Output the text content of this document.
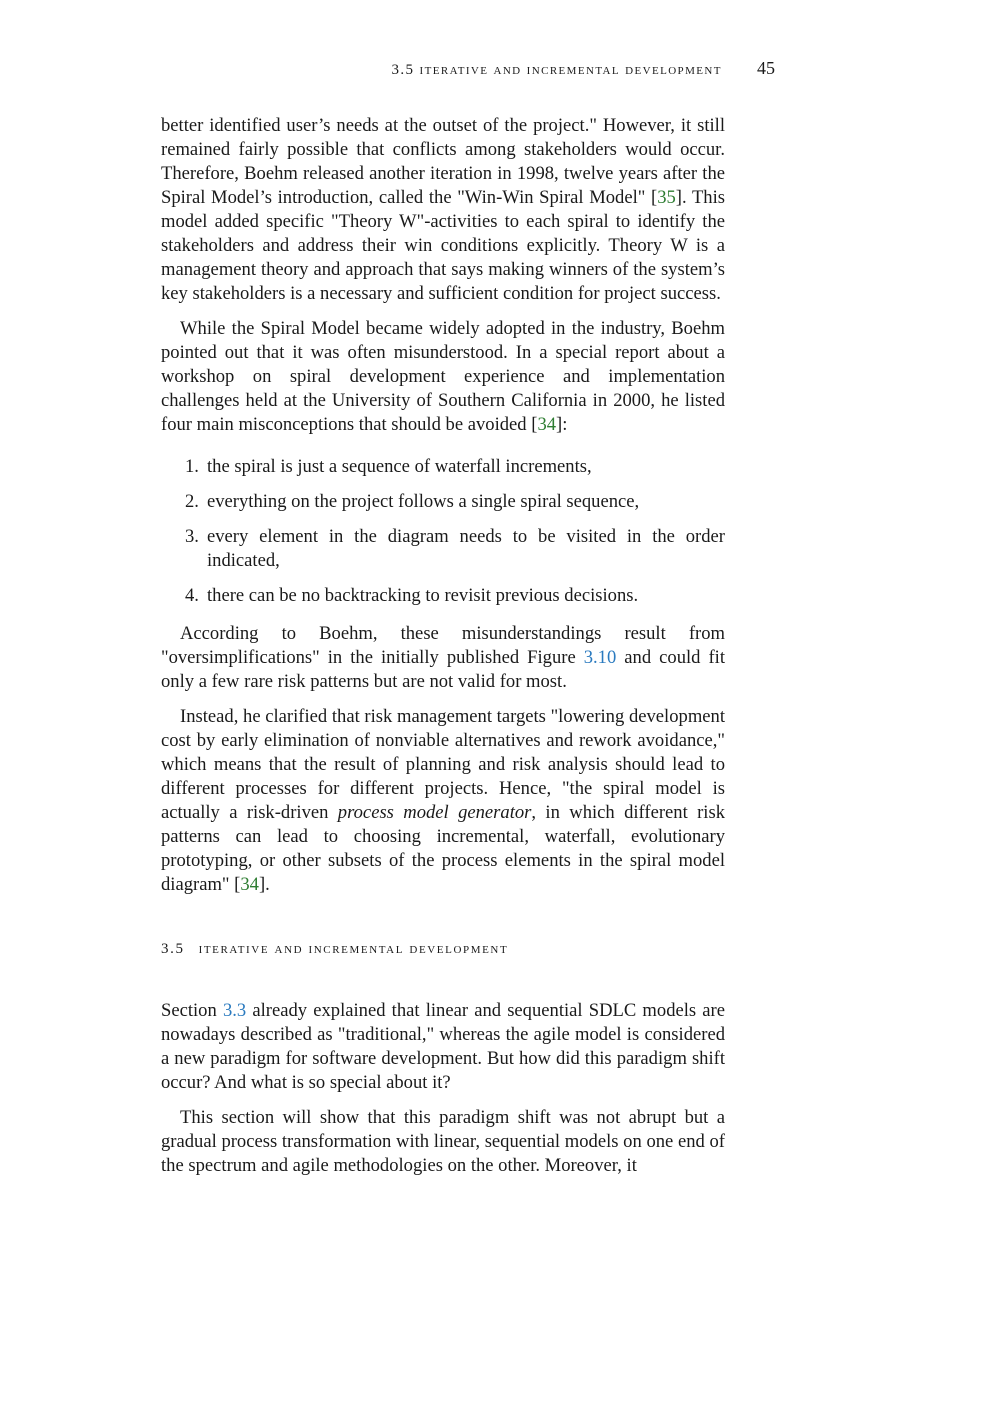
3.5 iterative and incremental development 45

better identified user’s needs at the outset of the project." However, it still remained fairly possible that conflicts among stakeholders would occur. Therefore, Boehm released another iteration in 1998, twelve years after the Spiral Model’s introduction, called the "Win-Win Spiral Model" [35]. This model added specific "Theory W"-activities to each spiral to identify the stakeholders and address their win conditions explicitly. Theory W is a management theory and approach that says making winners of the system’s key stakeholders is a necessary and sufficient condition for project success.

While the Spiral Model became widely adopted in the industry, Boehm pointed out that it was often misunderstood. In a special report about a workshop on spiral development experience and implementation challenges held at the University of Southern California in 2000, he listed four main misconceptions that should be avoided [34]:

1. the spiral is just a sequence of waterfall increments,
2. everything on the project follows a single spiral sequence,
3. every element in the diagram needs to be visited in the order indicated,
4. there can be no backtracking to revisit previous decisions.

According to Boehm, these misunderstandings result from "oversimplifications" in the initially published Figure 3.10 and could fit only a few rare risk patterns but are not valid for most.

Instead, he clarified that risk management targets "lowering development cost by early elimination of nonviable alternatives and rework avoidance," which means that the result of planning and risk analysis should lead to different processes for different projects. Hence, "the spiral model is actually a risk-driven process model generator, in which different risk patterns can lead to choosing incremental, waterfall, evolutionary prototyping, or other subsets of the process elements in the spiral model diagram" [34].

3.5 iterative and incremental development

Section 3.3 already explained that linear and sequential SDLC models are nowadays described as "traditional," whereas the agile model is considered a new paradigm for software development. But how did this paradigm shift occur? And what is so special about it?

This section will show that this paradigm shift was not abrupt but a gradual process transformation with linear, sequential models on one end of the spectrum and agile methodologies on the other. Moreover, it
